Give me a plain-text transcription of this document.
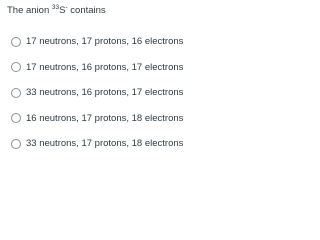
The anion $^{33}$S- contains
17 neutrons, 17 protons, 16 electrons
17 neutrons, 16 protons, 17 electrons
33 neutrons, 16 protons, 17 electrons
16 neutrons, 17 protons, 18 electrons
33 neutrons, 17 protons, 18 electrons
